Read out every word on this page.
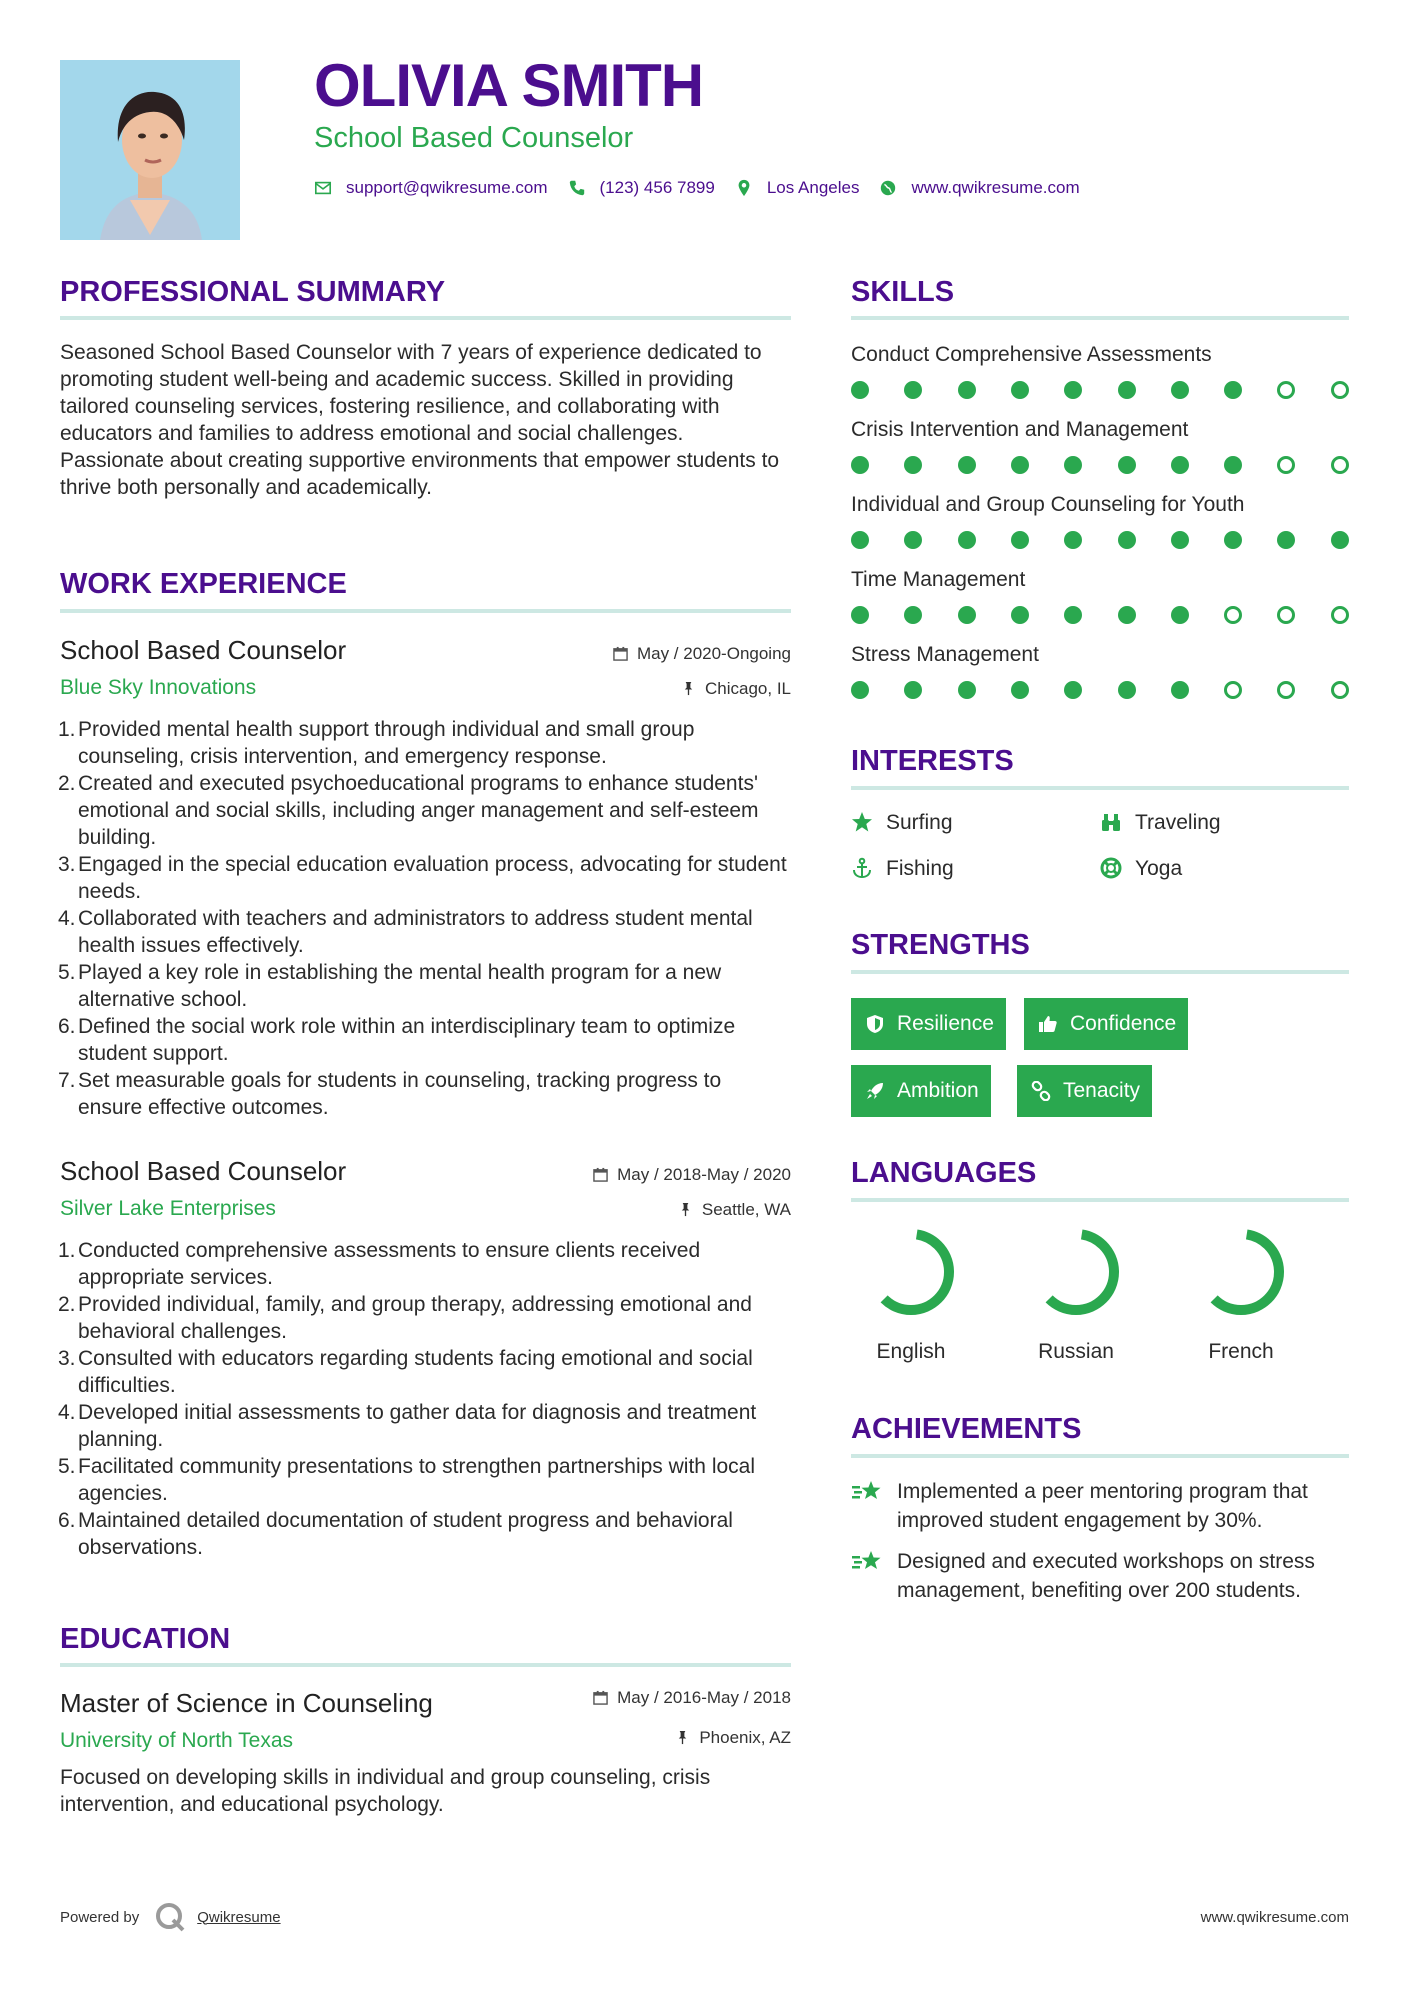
OLIVIA SMITH
School Based Counselor
support@qwikresume.com	(123) 456 7899	Los Angeles	www.qwikresume.com
PROFESSIONAL SUMMARY
Seasoned School Based Counselor with 7 years of experience dedicated to promoting student well-being and academic success. Skilled in providing tailored counseling services, fostering resilience, and collaborating with educators and families to address emotional and social challenges. Passionate about creating supportive environments that empower students to thrive both personally and academically.
WORK EXPERIENCE
School Based Counselor	May / 2020-Ongoing
Blue Sky Innovations	Chicago, IL
1. Provided mental health support through individual and small group counseling, crisis intervention, and emergency response.
2. Created and executed psychoeducational programs to enhance students' emotional and social skills, including anger management and self-esteem building.
3. Engaged in the special education evaluation process, advocating for student needs.
4. Collaborated with teachers and administrators to address student mental health issues effectively.
5. Played a key role in establishing the mental health program for a new alternative school.
6. Defined the social work role within an interdisciplinary team to optimize student support.
7. Set measurable goals for students in counseling, tracking progress to ensure effective outcomes.
School Based Counselor	May / 2018-May / 2020
Silver Lake Enterprises	Seattle, WA
1. Conducted comprehensive assessments to ensure clients received appropriate services.
2. Provided individual, family, and group therapy, addressing emotional and behavioral challenges.
3. Consulted with educators regarding students facing emotional and social difficulties.
4. Developed initial assessments to gather data for diagnosis and treatment planning.
5. Facilitated community presentations to strengthen partnerships with local agencies.
6. Maintained detailed documentation of student progress and behavioral observations.
EDUCATION
Master of Science in Counseling	May / 2016-May / 2018
University of North Texas	Phoenix, AZ
Focused on developing skills in individual and group counseling, crisis intervention, and educational psychology.
SKILLS
Conduct Comprehensive Assessments
Crisis Intervention and Management
Individual and Group Counseling for Youth
Time Management
Stress Management
INTERESTS
Surfing	Traveling
Fishing	Yoga
STRENGTHS
Resilience	Confidence
Ambition	Tenacity
LANGUAGES
English	Russian	French
ACHIEVEMENTS
Implemented a peer mentoring program that improved student engagement by 30%.
Designed and executed workshops on stress management, benefiting over 200 students.
Powered by	Qwikresume	www.qwikresume.com
